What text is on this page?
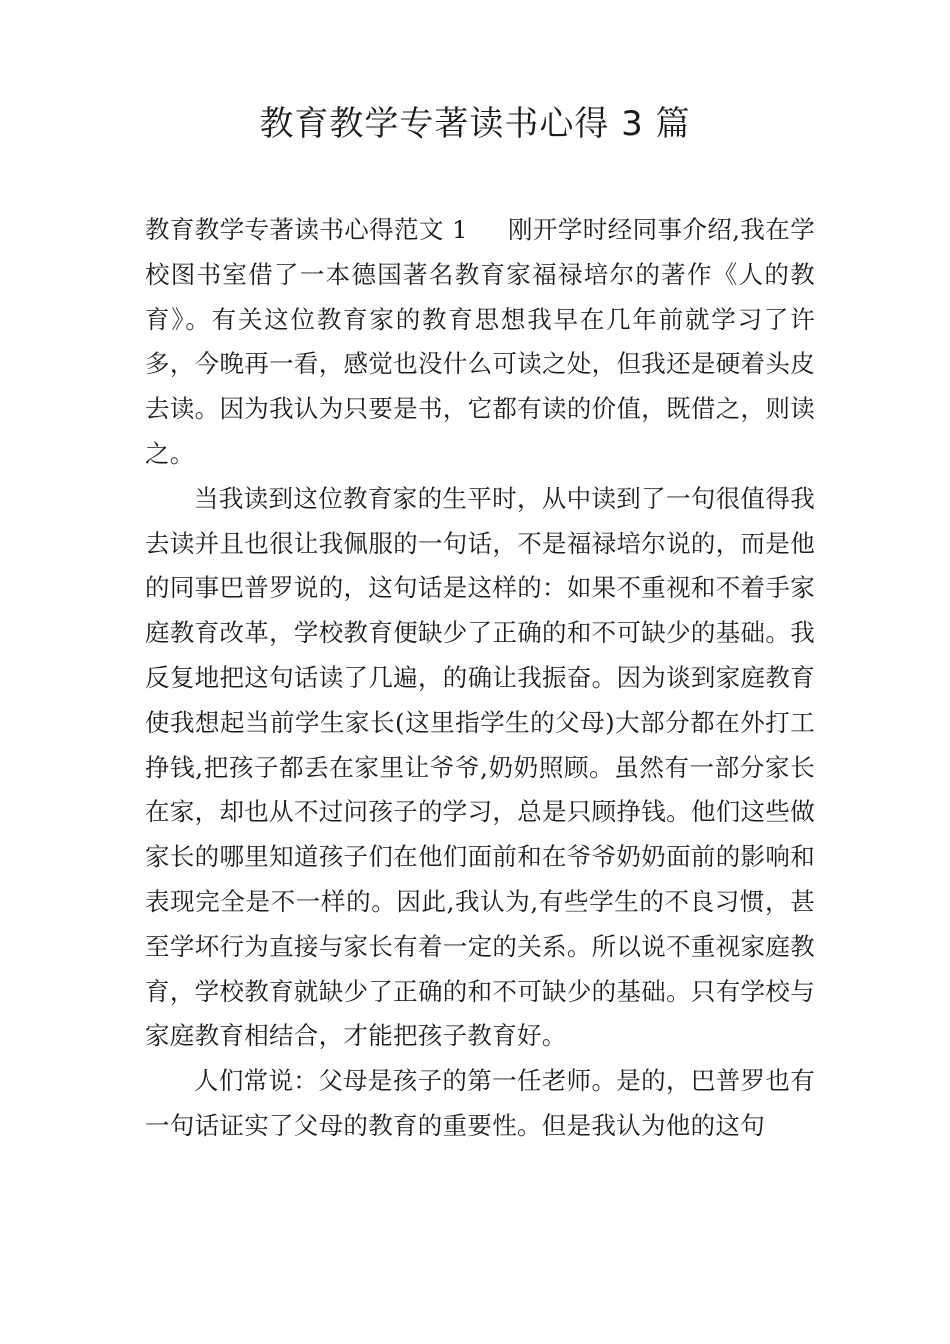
教育教学专著读书心得 3 篇

教育教学专著读书心得范文 1 刚开学时经同事介绍,我在学校图书室借了一本德国著名教育家福禄培尔的著作《人的教育》。有关这位教育家的教育思想我早在几年前就学习了许多，今晚再一看，感觉也没什么可读之处，但我还是硬着头皮去读。因为我认为只要是书，它都有读的价值，既借之，则读之。

当我读到这位教育家的生平时，从中读到了一句很值得我去读并且也很让我佩服的一句话，不是福禄培尔说的，而是他的同事巴普罗说的，这句话是这样的：如果不重视和不着手家庭教育改革，学校教育便缺少了正确的和不可缺少的基础。我反复地把这句话读了几遍，的确让我振奋。因为谈到家庭教育使我想起当前学生家长(这里指学生的父母)大部分都在外打工挣钱,把孩子都丢在家里让爷爷,奶奶照顾。虽然有一部分家长在家，却也从不过问孩子的学习，总是只顾挣钱。他们这些做家长的哪里知道孩子们在他们面前和在爷爷奶奶面前的影响和表现完全是不一样的。因此,我认为,有些学生的不良习惯，甚至学坏行为直接与家长有着一定的关系。所以说不重视家庭教育，学校教育就缺少了正确的和不可缺少的基础。只有学校与家庭教育相结合，才能把孩子教育好。

人们常说：父母是孩子的第一任老师。是的，巴普罗也有一句话证实了父母的教育的重要性。但是我认为他的这句
